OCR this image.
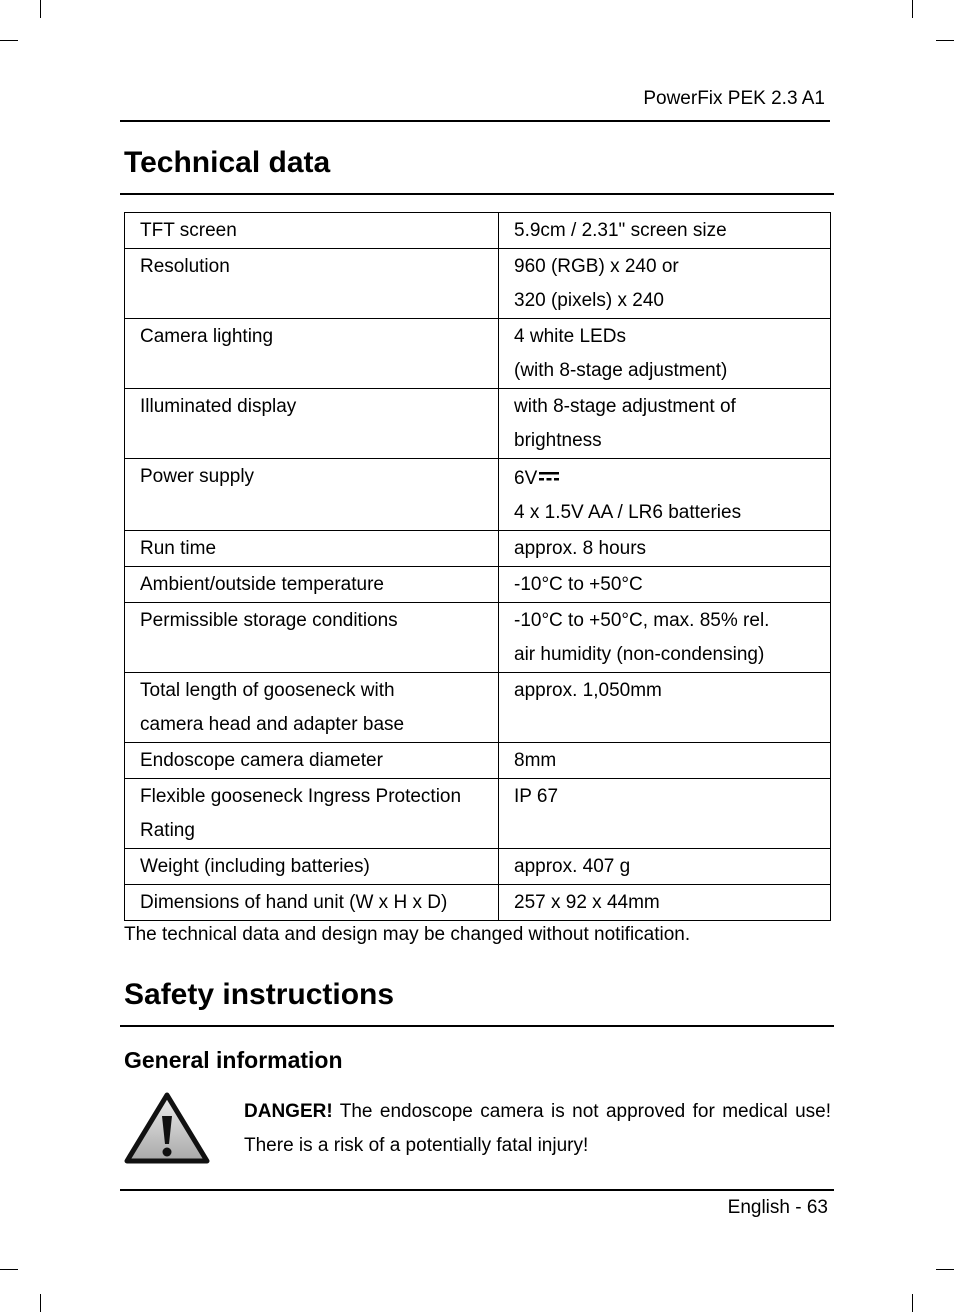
PowerFix PEK 2.3 A1
Technical data
TFT screen	5.9cm / 2.31" screen size

Resolution	960 (RGB) x 240 or
320 (pixels) x 240

Camera lighting	4 white LEDs
(with 8-stage adjustment)

Illuminated display	with 8-stage adjustment of
brightness

Power supply	6V

4 x 1.5V AA / LR6 batteries

Run time	approx. 8 hours

Ambient/outside temperature	-10°C to +50°C

Permissible storage conditions	-10°C to +50°C, max. 85% rel.
air humidity (non-condensing)

Total length of gooseneck with
camera head and adapter base	approx. 1,050mm

Endoscope camera diameter	8mm

Flexible gooseneck Ingress Protection
Rating	IP 67

Weight (including batteries)	approx. 407 g

Dimensions of hand unit (W x H x D)	257 x 92 x 44mm
The technical data and design may be changed without notification.
Safety instructions
General information

DANGER! The endoscope camera is not approved for medical use! There is a risk of a potentially fatal injury!

English - 63
